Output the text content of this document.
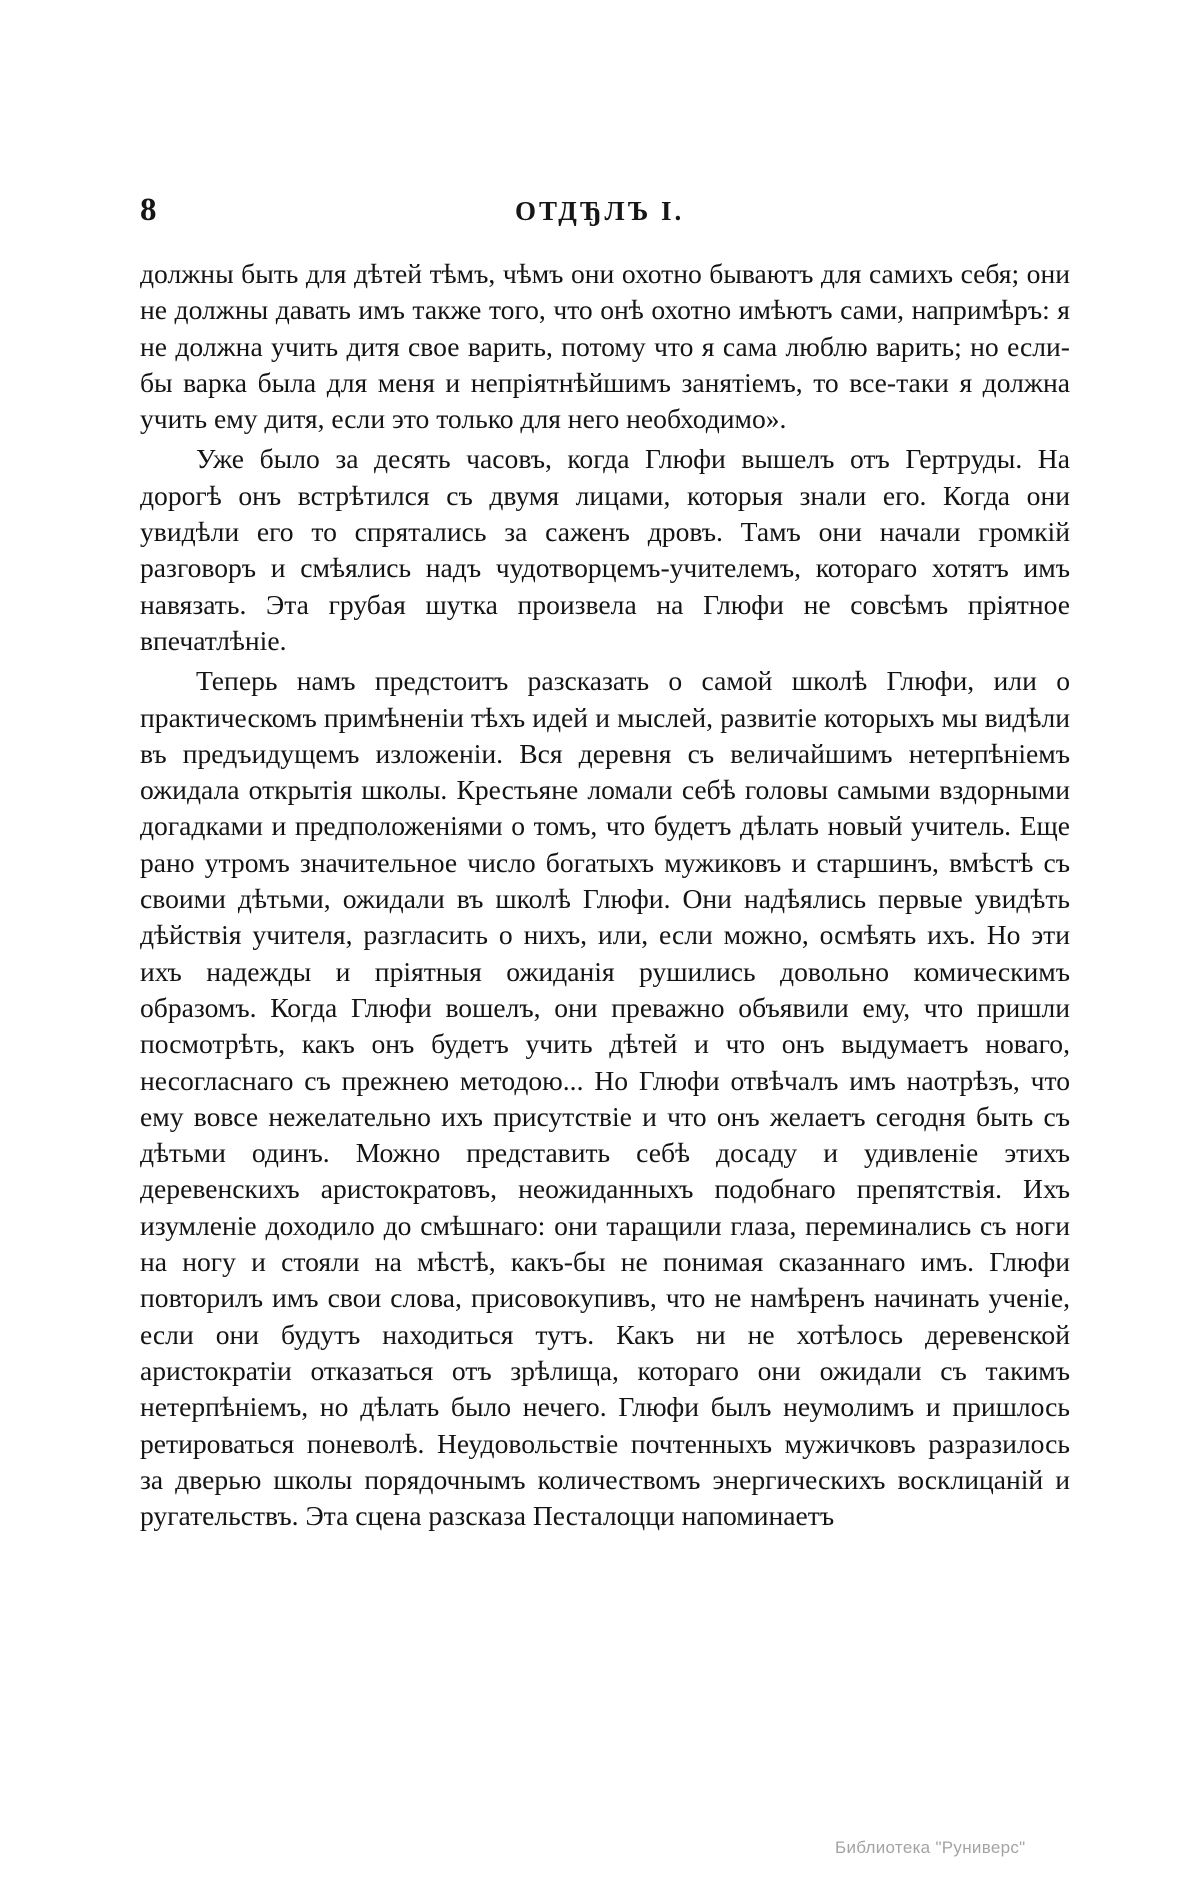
8	ОТДЂЛЪ I.

должны быть для дѣтей тѣмъ, чѣмъ они охотно бываютъ для самихъ себя; они не должны давать имъ также того, что онѣ охотно имѣютъ сами, напримѣръ: я не должна учить дитя свое варить, потому что я сама люблю варить; но если-бы варка была для меня и непріятнѣйшимъ занятіемъ, то все-таки я должна учить ему дитя, если это только для него необходимо».

Уже было за десять часовъ, когда Глюфи вышелъ отъ Гертруды. На дорогѣ онъ встрѣтился съ двумя лицами, которыя знали его. Когда они увидѣли его то спрятались за саженъ дровъ. Тамъ они начали громкій разговоръ и смѣялись надъ чудотворцемъ-учителемъ, котораго хотятъ имъ навязать. Эта грубая шутка произвела на Глюфи не совсѣмъ пріятное впечатлѣніе.

Теперь намъ предстоитъ разсказать о самой школѣ Глюфи, или о практическомъ примѣненіи тѣхъ идей и мыслей, развитіе которыхъ мы видѣли въ предъидущемъ изложеніи. Вся деревня съ величайшимъ нетерпѣніемъ ожидала открытія школы. Крестьяне ломали себѣ головы самыми вздорными догадками и предположеніями о томъ, что будетъ дѣлать новый учитель. Еще рано утромъ значительное число богатыхъ мужиковъ и старшинъ, вмѣстѣ съ своими дѣтьми, ожидали въ школѣ Глюфи. Они надѣялись первые увидѣть дѣйствія учителя, разгласить о нихъ, или, если можно, осмѣять ихъ. Но эти ихъ надежды и пріятныя ожиданія рушились довольно комическимъ образомъ. Когда Глюфи вошелъ, они преважно объявили ему, что пришли посмотрѣть, какъ онъ будетъ учить дѣтей и что онъ выдумаетъ новаго, несогласнаго съ прежнею методою... Но Глюфи отвѣчалъ имъ наотрѣзъ, что ему вовсе нежелательно ихъ присутствіе и что онъ желаетъ сегодня быть съ дѣтьми одинъ. Можно представить себѣ досаду и удивленіе этихъ деревенскихъ аристократовъ, неожиданныхъ подобнаго препятствія. Ихъ изумленіе доходило до смѣшнаго: они таращили глаза, переминались съ ноги на ногу и стояли на мѣстѣ, какъ-бы не понимая сказаннаго имъ. Глюфи повторилъ имъ свои слова, присовокупивъ, что не намѣренъ начинать ученіе, если они будутъ находиться тутъ. Какъ ни не хотѣлось деревенской аристократіи отказаться отъ зрѣлища, котораго они ожидали съ такимъ нетерпѣніемъ, но дѣлать было нечего. Глюфи былъ неумолимъ и пришлось ретироваться поневолѣ. Неудовольствіе почтенныхъ мужичковъ разразилось за дверью школы порядочнымъ количествомъ энергическихъ восклицаній и ругательствъ. Эта сцена разсказа Песталоцци напоминаетъ

Библиотека "Руниверс"
